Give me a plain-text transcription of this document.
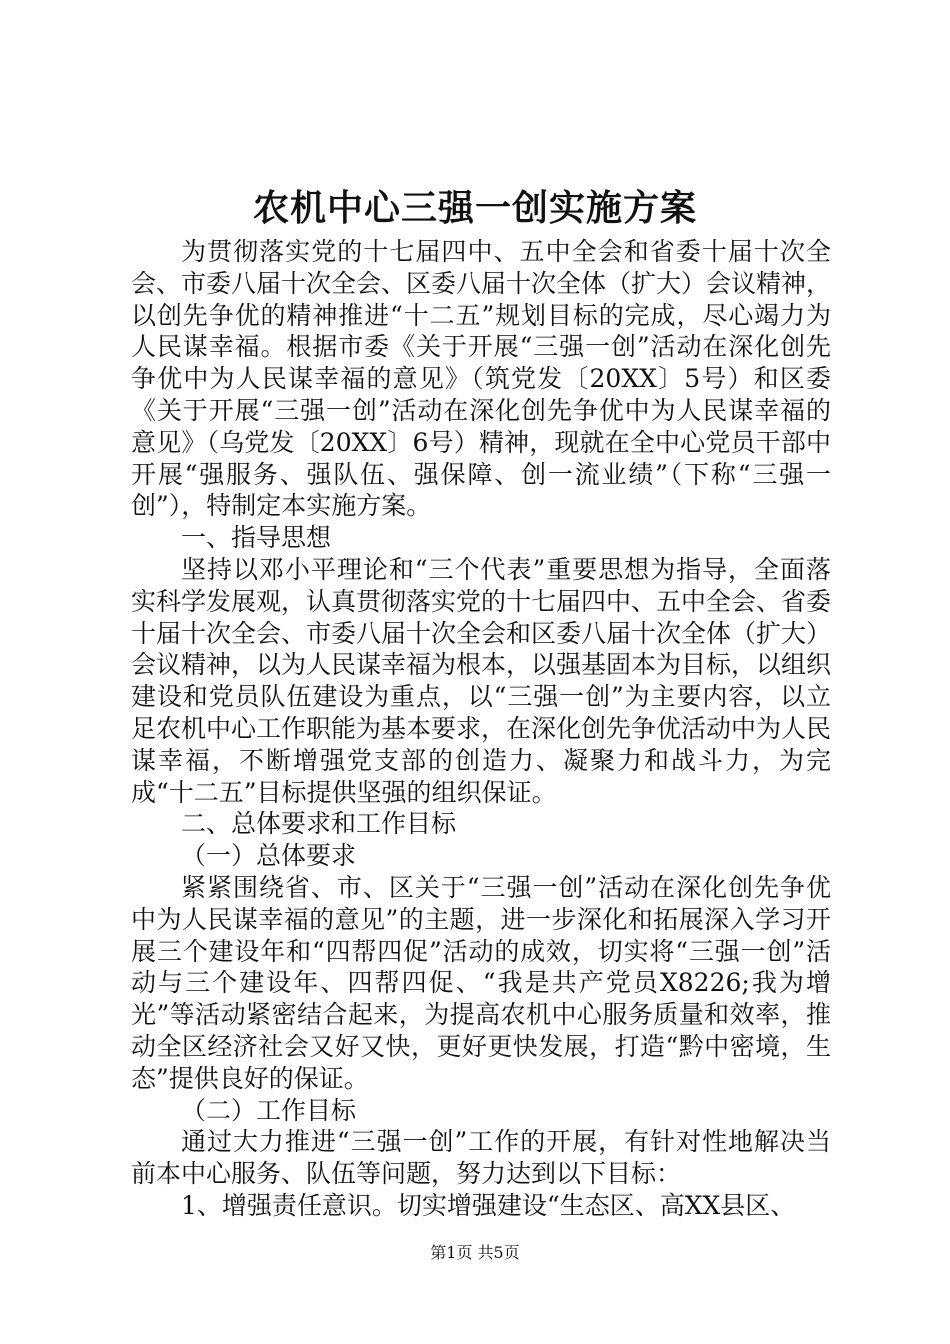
农机中心三强一创实施方案

为贯彻落实党的十七届四中、五中全会和省委十届十次全会、市委八届十次全会、区委八届十次全体（扩大）会议精神，以创先争优的精神推进“十二五”规划目标的完成，尽心竭力为人民谋幸福。根据市委《关于开展“三强一创”活动在深化创先争优中为人民谋幸福的意见》（筑党发〔20XX〕5号）和区委《关于开展“三强一创”活动在深化创先争优中为人民谋幸福的意见》（乌党发〔20XX〕6号）精神，现就在全中心党员干部中开展“强服务、强队伍、强保障、创一流业绩”（下称“三强一创”），特制定本实施方案。

一、指导思想

坚持以邓小平理论和“三个代表”重要思想为指导，全面落实科学发展观，认真贯彻落实党的十七届四中、五中全会、省委十届十次全会、市委八届十次全会和区委八届十次全体（扩大）会议精神，以为人民谋幸福为根本，以强基固本为目标，以组织建设和党员队伍建设为重点，以“三强一创”为主要内容，以立足农机中心工作职能为基本要求，在深化创先争优活动中为人民谋幸福，不断增强党支部的创造力、凝聚力和战斗力，为完成“十二五”目标提供坚强的组织保证。

二、总体要求和工作目标

（一）总体要求

紧紧围绕省、市、区关于“三强一创”活动在深化创先争优中为人民谋幸福的意见”的主题，进一步深化和拓展深入学习开展三个建设年和“四帮四促”活动的成效，切实将“三强一创”活动与三个建设年、四帮四促、“我是共产党员X8226;我为增光”等活动紧密结合起来，为提高农机中心服务质量和效率，推动全区经济社会又好又快，更好更快发展，打造“黔中密境，生态”提供良好的保证。

（二）工作目标

通过大力推进“三强一创”工作的开展，有针对性地解决当前本中心服务、队伍等问题，努力达到以下目标：

1、增强责任意识。切实增强建设“生态区、高XX县区、

第1页 共5页
